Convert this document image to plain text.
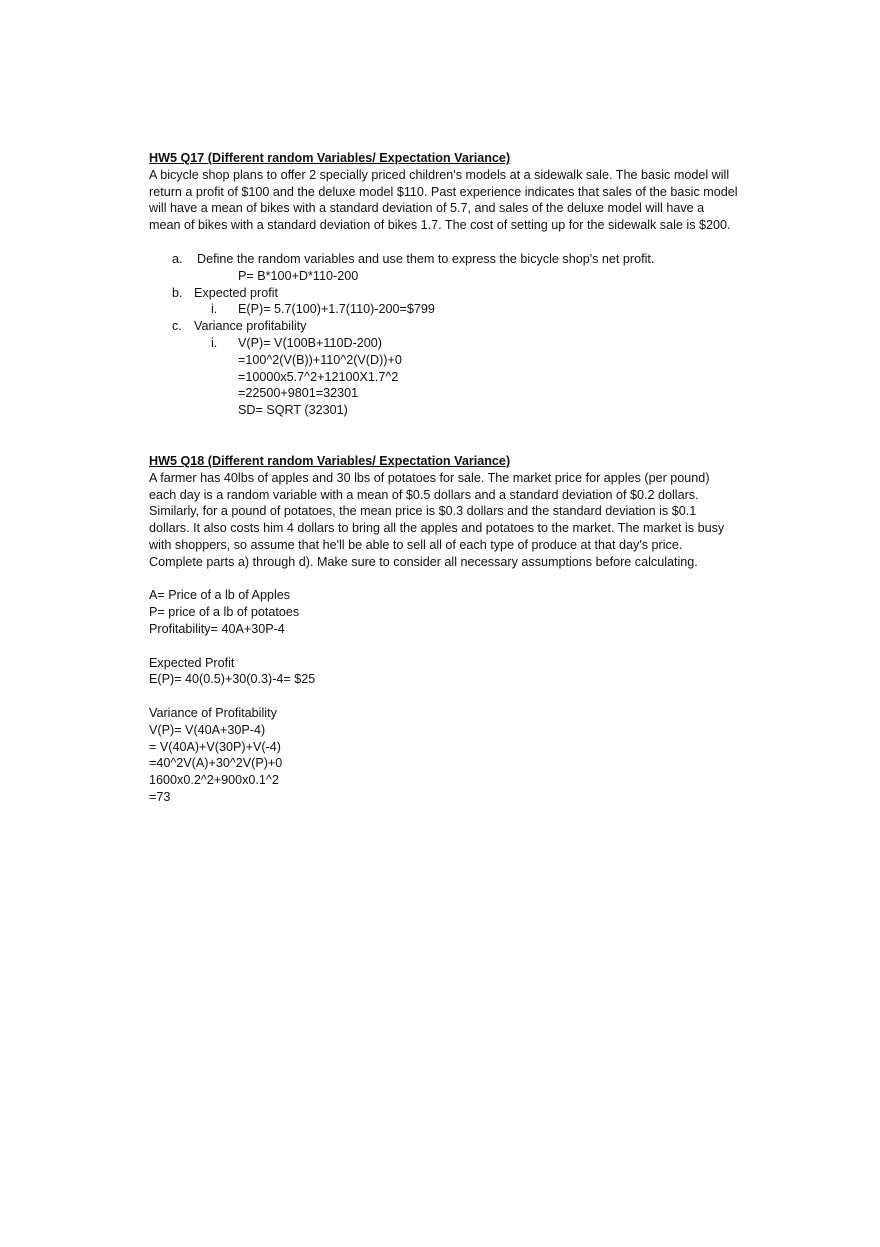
HW5 Q17 (Different random Variables/ Expectation Variance)

A bicycle shop plans to offer 2 specially priced children's models at a sidewalk sale. The basic model will
return a profit of $100 and the deluxe model $110. Past experience indicates that sales of the basic model
will have a mean of bikes with a standard deviation of 5.7, and sales of the deluxe model will have a
mean of bikes with a standard deviation of bikes 1.7. The cost of setting up for the sidewalk sale is $200.

a. Define the random variables and use them to express the bicycle shop's net profit.
P= B*100+D*110-200
b. Expected profit
i. E(P)= 5.7(100)+1.7(110)-200=$799
c. Variance profitability
i. V(P)= V(100B+110D-200)
=100^2(V(B))+110^2(V(D))+0
=10000x5.7^2+12100X1.7^2
=22500+9801=32301
SD= SQRT (32301)

HW5 Q18 (Different random Variables/ Expectation Variance)

A farmer has 40lbs of apples and 30 lbs of potatoes for sale. The market price for apples (per pound)
each day is a random variable with a mean of $0.5 dollars and a standard deviation of $0.2 dollars.
Similarly, for a pound of potatoes, the mean price is $0.3 dollars and the standard deviation is $0.1
dollars. It also costs him 4 dollars to bring all the apples and potatoes to the market. The market is busy
with shoppers, so assume that he'll be able to sell all of each type of produce at that day's price.
Complete parts a) through d). Make sure to consider all necessary assumptions before calculating.

A= Price of a lb of Apples
P= price of a lb of potatoes
Profitability= 40A+30P-4
Expected Profit
E(P)= 40(0.5)+30(0.3)-4= $25
Variance of Profitability
V(P)= V(40A+30P-4)
= V(40A)+V(30P)+V(-4)
=40^2V(A)+30^2V(P)+0
1600x0.2^2+900x0.1^2
=73
